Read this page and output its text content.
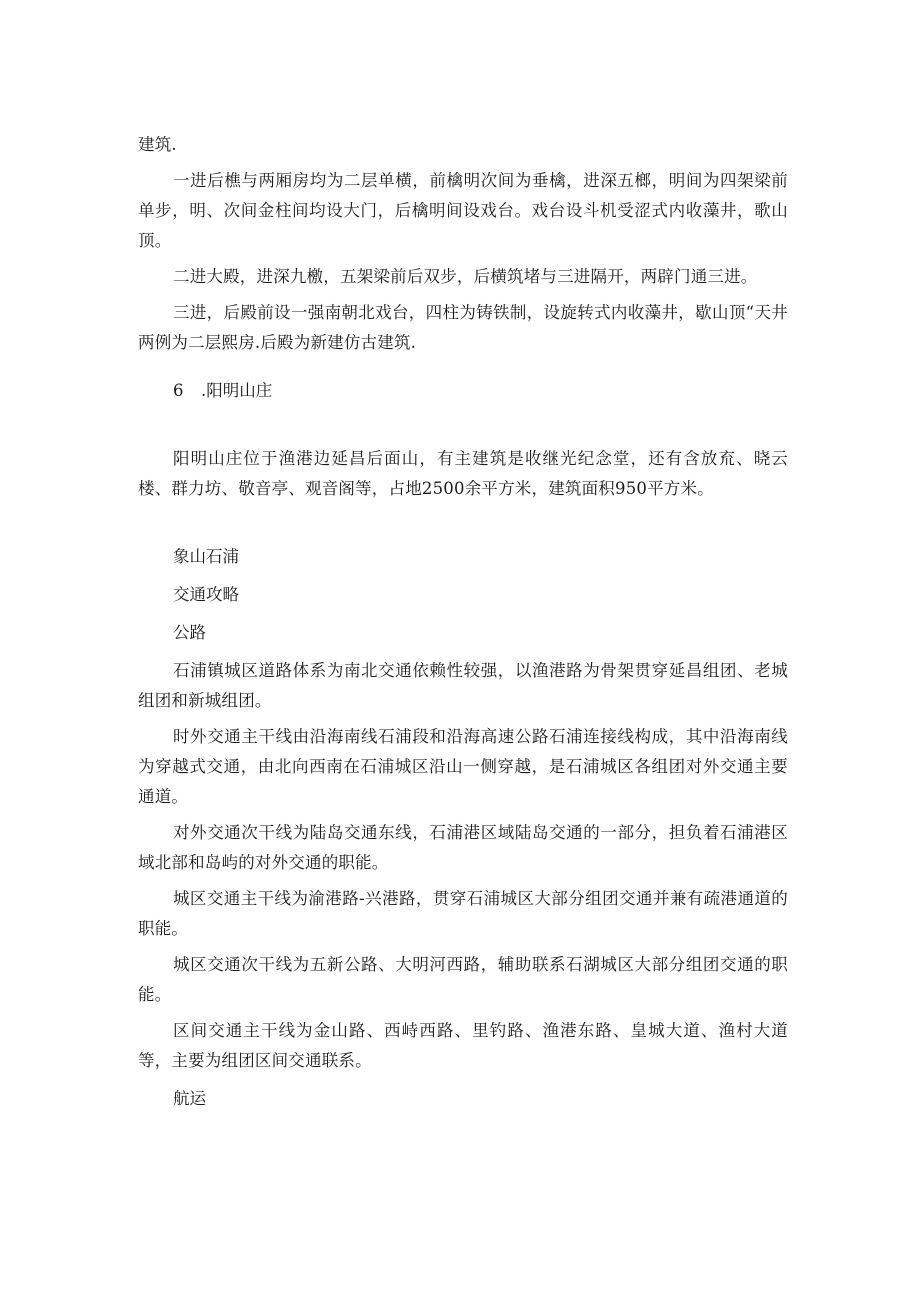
建筑.

一进后樵与两厢房均为二层单横，前檎明次间为垂檎，进深五榔，明间为四架梁前单步，明、次间金柱间均设大门，后檎明间设戏台。戏台设斗机受涩式内收藻井，歌山顶。

二进大殿，进深九檄，五架梁前后双步，后横筑堵与三进隔开，两辟门通三进。

三进，后殿前设一强南朝北戏台，四柱为铸铁制，设旋转式内收藻井，歇山顶“天井两例为二层熙房.后殿为新建仿古建筑.

6 .阳明山庄

阳明山庄位于渔港边延昌后面山，有主建筑是收继光纪念堂，还有含放㐬、晓云楼、群力坊、敬音亭、观音阁等，占地2500余平方米，建筑面积950平方米。

象山石浦

交通攻略

公路

石浦镇城区道路体系为南北交通依赖性较强，以渔港路为骨架贯穿延昌组团、老城组团和新城组团。

时外交通主干线由沿海南线石浦段和沿海高速公路石浦连接线构成，其中沿海南线为穿越式交通，由北向西南在石浦城区沿山一侧穿越，是石浦城区各组团对外交通主要通道。

对外交通次干线为陆岛交通东线，石浦港区域陆岛交通的一部分，担负着石浦港区域北部和岛屿的对外交通的职能。

城区交通主干线为渝港路-兴港路，贯穿石浦城区大部分组团交通并兼有疏港通道的职能。

城区交通次干线为五新公路、大明河西路，辅助联系石湖城区大部分组团交通的职能。

区间交通主干线为金山路、西峙西路、里钓路、渔港东路、皇城大道、渔村大道等，主要为组团区间交通联系。

航运
